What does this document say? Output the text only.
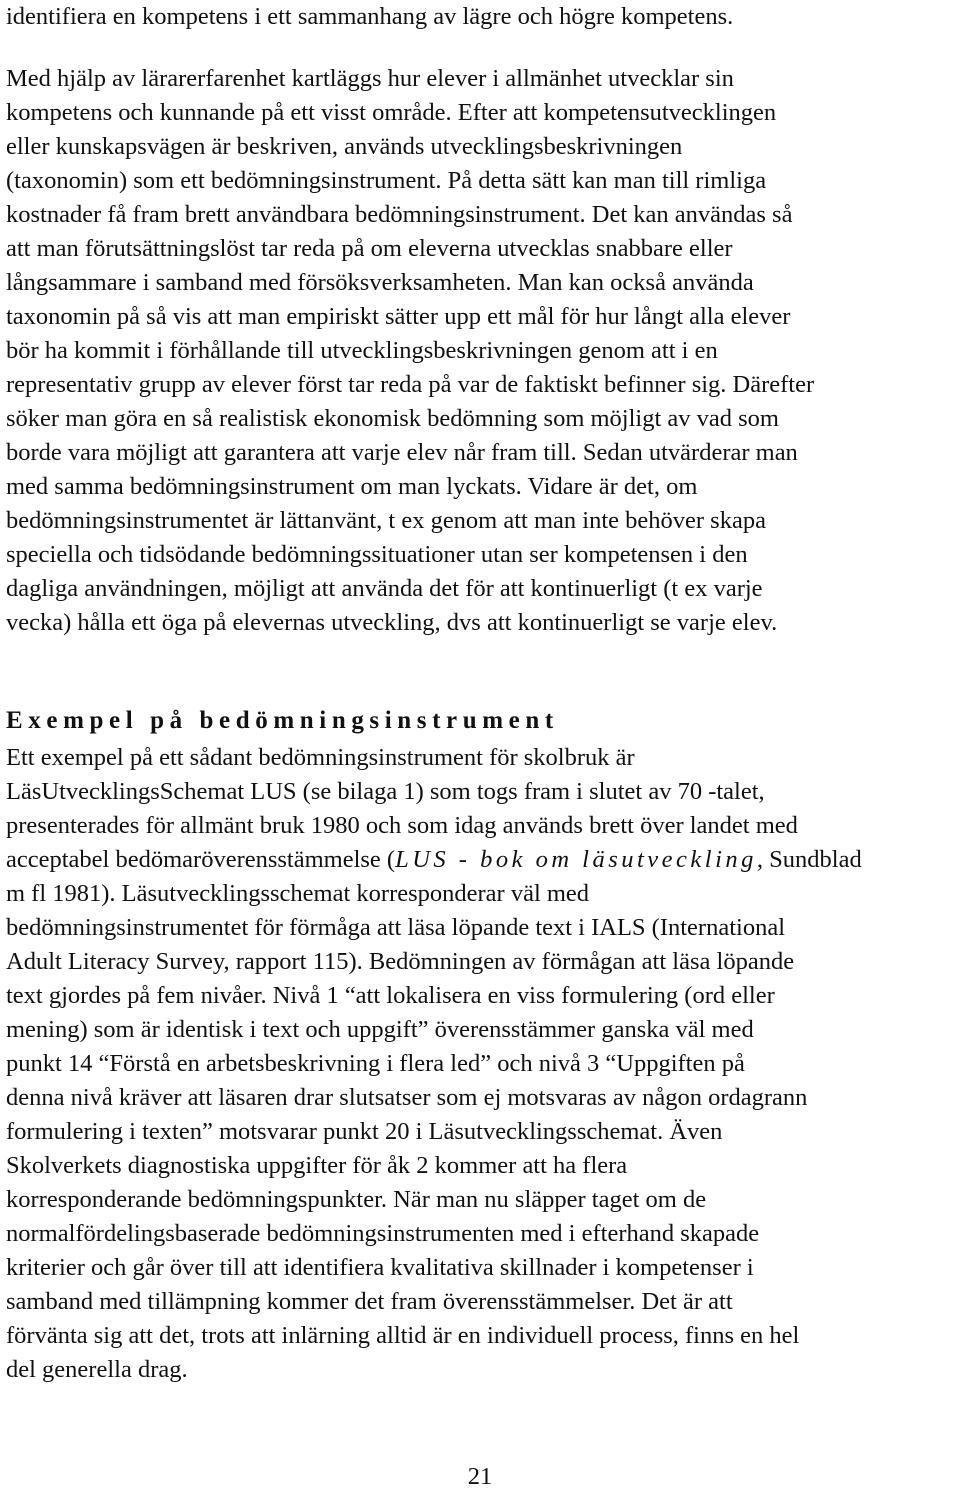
identifiera en kompetens i ett sammanhang av lägre och högre kompetens.
Med hjälp av lärarerfarenhet kartläggs hur elever i allmänhet utvecklar sin
kompetens och kunnande på ett visst område. Efter att kompetensutvecklingen
eller kunskapsvägen är beskriven, används utvecklingsbeskrivningen
(taxonomin) som ett bedömningsinstrument. På detta sätt kan man till rimliga
kostnader få fram brett användbara bedömningsinstrument. Det kan användas så
att man förutsättningslöst tar reda på om eleverna utvecklas snabbare eller
långsammare i samband med försöksverksamheten. Man kan också använda
taxonomin på så vis att man empiriskt sätter upp ett mål för hur långt alla elever
bör ha kommit i förhållande till utvecklingsbeskrivningen genom att i en
representativ grupp av elever först tar reda på var de faktiskt befinner sig. Därefter
söker man göra en så realistisk ekonomisk bedömning som möjligt av vad som
borde vara möjligt att garantera att varje elev når fram till. Sedan utvärderar man
med samma bedömningsinstrument om man lyckats. Vidare är det, om
bedömningsinstrumentet är lättanvänt, t ex genom att man inte behöver skapa
speciella och tidsödande bedömningssituationer utan ser kompetensen i den
dagliga användningen, möjligt att använda det för att kontinuerligt (t ex varje
vecka) hålla ett öga på elevernas utveckling, dvs att kontinuerligt se varje elev.
Exempel på bedömningsinstrument
Ett exempel på ett sådant bedömningsinstrument för skolbruk är
LäsUtvecklingsSchemat LUS (se bilaga 1) som togs fram i slutet av 70 -talet,
presenterades för allmänt bruk 1980 och som idag används brett över landet med
acceptabel bedömaröverensstämmelse (LUS - bok om läsutveckling, Sundblad
m fl 1981). Läsutvecklingsschemat korresponderar väl med
bedömningsinstrumentet för förmåga att läsa löpande text i IALS (International
Adult Literacy Survey, rapport 115). Bedömningen av förmågan att läsa löpande
text gjordes på fem nivåer. Nivå 1 “att lokalisera en viss formulering (ord eller
mening) som är identisk i text och uppgift” överensstämmer ganska väl med
punkt 14 “Förstå en arbetsbeskrivning i flera led” och nivå 3 “Uppgiften på
denna nivå kräver att läsaren drar slutsatser som ej motsvaras av någon ordagrann
formulering i texten” motsvarar punkt 20 i Läsutvecklingsschemat. Även
Skolverkets diagnostiska uppgifter för åk 2 kommer att ha flera
korresponderande bedömningspunkter. När man nu släpper taget om de
normalfördelingsbaserade bedömningsinstrumenten med i efterhand skapade
kriterier och går över till att identifiera kvalitativa skillnader i kompetenser i
samband med tillämpning kommer det fram överensstämmelser. Det är att
förvänta sig att det, trots att inlärning alltid är en individuell process, finns en hel
del generella drag.
21
